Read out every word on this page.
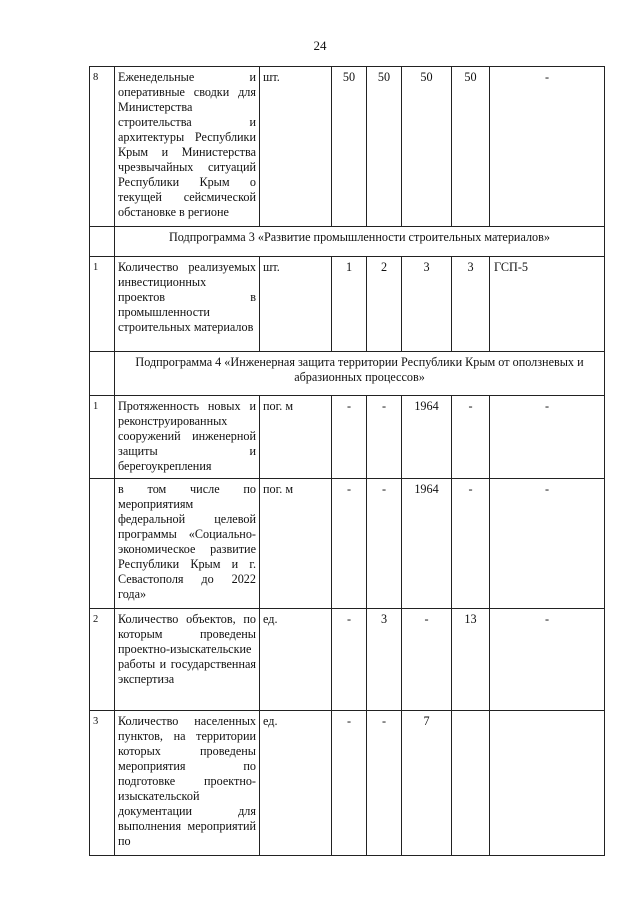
24
8	Еженедельные и оперативные сводки для Министерства строительства и архитектуры Республики Крым и Министерства чрезвычайных ситуаций Республики Крым о текущей сейсмической обстановке в регионе	шт.	50	50	50	50	-
	Подпрограмма 3 «Развитие промышленности строительных материалов»						
1	Количество реализуемых инвестиционных проектов в промышленности строительных материалов	шт.	1	2	3	3	ГСП-5
	Подпрограмма 4 «Инженерная защита территории Республики Крым от оползневых и абразионных процессов»						
1	Протяженность новых и реконструированных сооружений инженерной защиты и берегоукрепления	пог. м	-	-	1964	-	-
	в том числе по мероприятиям федеральной целевой программы «Социально-экономическое развитие Республики Крым и г. Севастополя до 2022 года»	пог. м	-	-	1964	-	-
2	Количество объектов, по которым проведены проектно-изыскательские работы и государственная экспертиза	ед.	-	3	-	13	-
3	Количество населенных пунктов, на территории которых проведены мероприятия по подготовке проектно-изыскательской документации для выполнения мероприятий по	ед.	-	-	7		
